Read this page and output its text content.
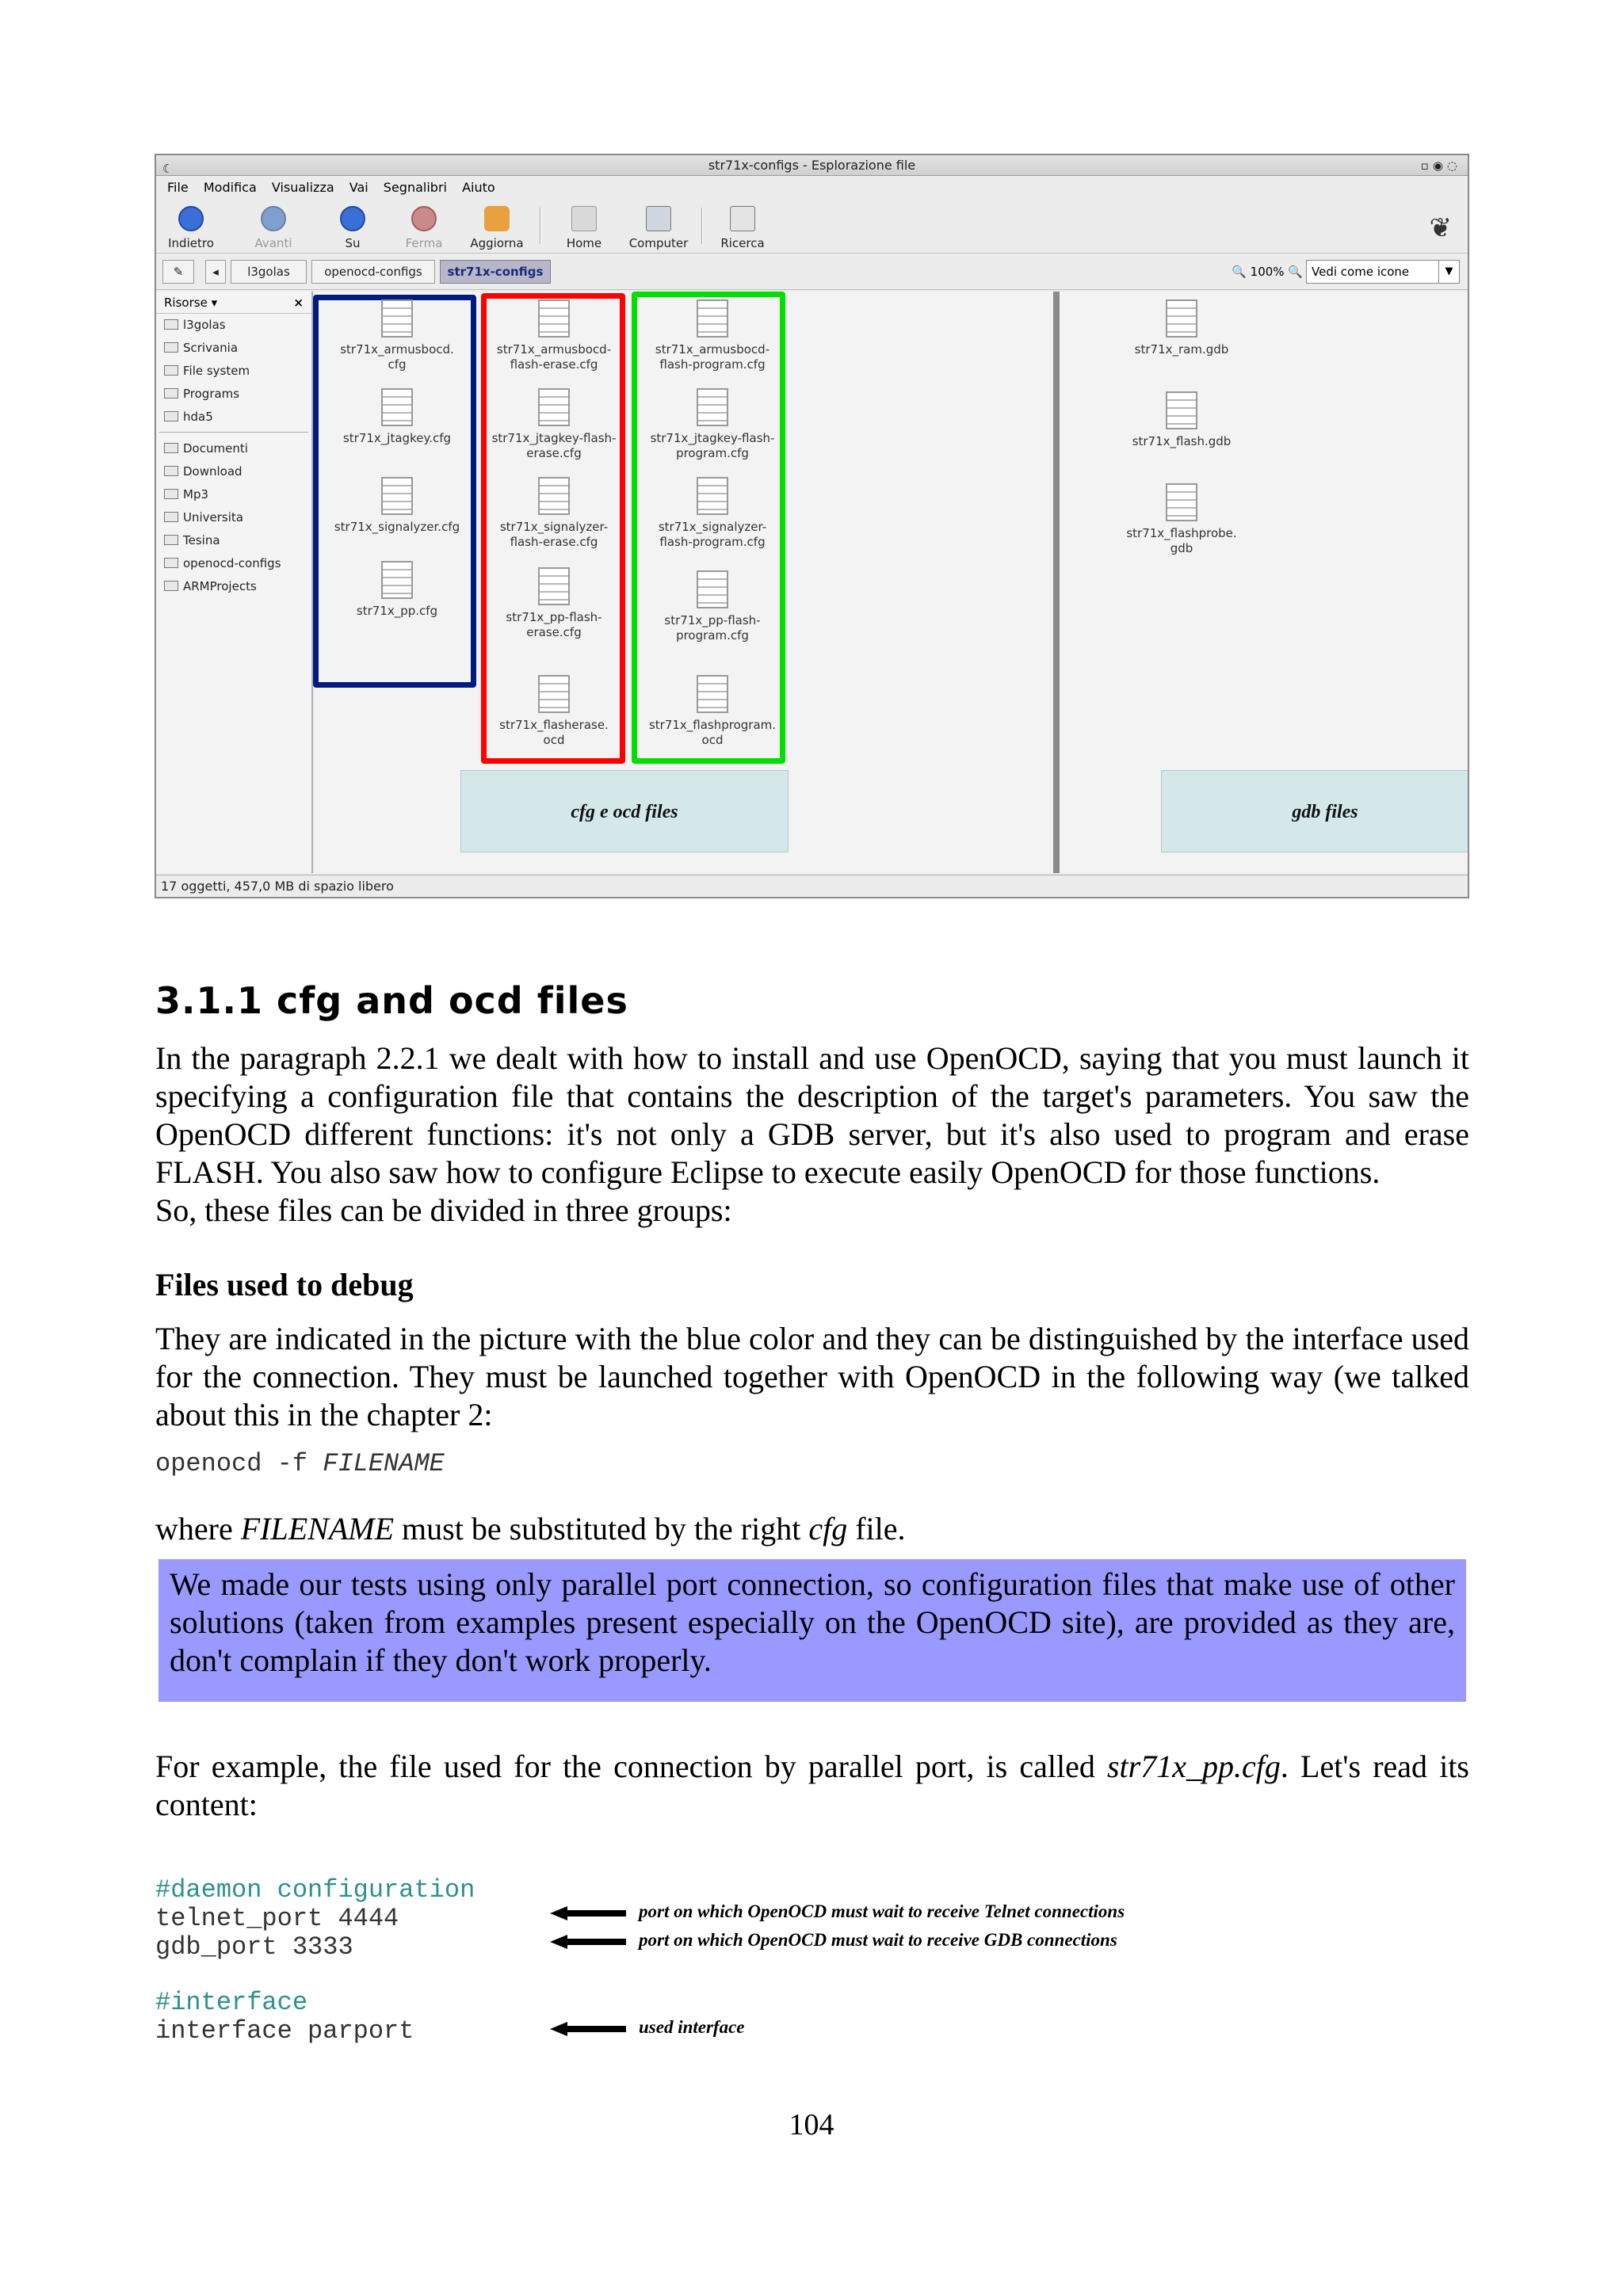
☾	str71x-configs - Esplorazione file	▫◉◌
File Modifica Visualizza Vai Segnalibri Aiuto
Indietro	Avanti	Su	Ferma	Aggiorna	Home	Computer	Ricerca	❦
✎	◂	l3golas	openocd-configs	str71x-configs	🔍 100% 🔍 Vedi come icone	▼
Risorse ▾	×
l3golas
Scrivania
File system
Programs
hda5
Documenti
Download
Mp3
Universita
Tesina
openocd-configs
ARMProjects
str71x_armusbocd.
cfg
str71x_jtagkey.cfg
str71x_signalyzer.cfg
str71x_pp.cfg
str71x_armusbocd-
flash-erase.cfg
str71x_jtagkey-flash-
erase.cfg
str71x_signalyzer-
flash-erase.cfg
str71x_pp-flash-
erase.cfg
str71x_flasherase.
ocd
str71x_armusbocd-
flash-program.cfg
str71x_jtagkey-flash-
program.cfg
str71x_signalyzer-
flash-program.cfg
str71x_pp-flash-
program.cfg
str71x_flashprogram.
ocd
str71x_ram.gdb
str71x_flash.gdb
str71x_flashprobe.
gdb
cfg e ocd files	gdb files
17 oggetti, 457,0 MB di spazio libero
3.1.1 cfg and ocd files
In the paragraph 2.2.1 we dealt with how to install and use OpenOCD, saying that you must launch it specifying a configuration file that contains the description of the target's parameters. You saw the OpenOCD different functions: it's not only a GDB server, but it's also used to program and erase FLASH. You also saw how to configure Eclipse to execute easily OpenOCD for those functions.
So, these files can be divided in three groups:
Files used to debug
They are indicated in the picture with the blue color and they can be distinguished by the interface used for the connection. They must be launched together with OpenOCD in the following way (we talked about this in the chapter 2:
openocd -f FILENAME
where FILENAME must be substituted by the right cfg file.
We made our tests using only parallel port connection, so configuration files that make use of other solutions (taken from examples present especially on the OpenOCD site), are provided as they are, don't complain if they don't work properly.
For example, the file used for the connection by parallel port, is called str71x_pp.cfg. Let's read its content:
#daemon configuration
telnet_port 4444
gdb_port 3333
#interface
interface parport
port on which OpenOCD must wait to receive Telnet connections
port on which OpenOCD must wait to receive GDB connections
used interface
104
